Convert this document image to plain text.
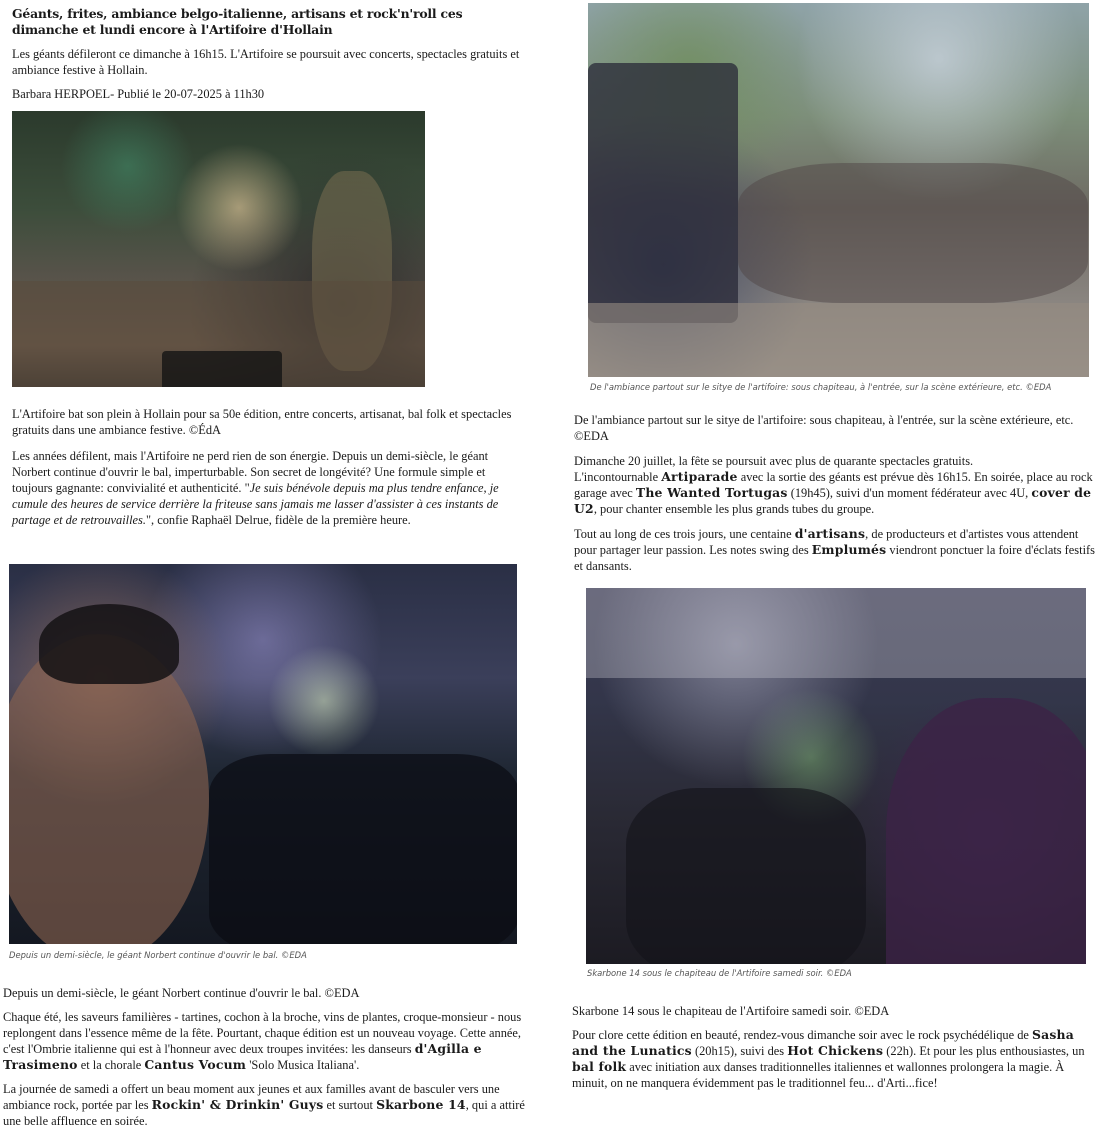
Géants, frites, ambiance belgo-italienne, artisans et rock'n'roll ces dimanche et lundi encore à l'Artifoire d'Hollain

Les géants défileront ce dimanche à 16h15. L'Artifoire se poursuit avec concerts, spectacles gratuits et ambiance festive à Hollain.

Barbara HERPOEL- Publié le 20-07-2025 à 11h30

L'Artifoire bat son plein à Hollain pour sa 50e édition, entre concerts, artisanat, bal folk et spectacles gratuits dans une ambiance festive. ©ÉdA

Les années défilent, mais l'Artifoire ne perd rien de son énergie. Depuis un demi-siècle, le géant Norbert continue d'ouvrir le bal, imperturbable. Son secret de longévité? Une formule simple et toujours gagnante: convivialité et authenticité. "Je suis bénévole depuis ma plus tendre enfance, je cumule des heures de service derrière la friteuse sans jamais me lasser d'assister à ces instants de partage et de retrouvailles.", confie Raphaël Delrue, fidèle de la première heure.

Depuis un demi-siècle, le géant Norbert continue d'ouvrir le bal. ©EDA

Depuis un demi-siècle, le géant Norbert continue d'ouvrir le bal. ©EDA

Chaque été, les saveurs familières - tartines, cochon à la broche, vins de plantes, croque-monsieur - nous replongent dans l'essence même de la fête. Pourtant, chaque édition est un nouveau voyage. Cette année, c'est l'Ombrie italienne qui est à l'honneur avec deux troupes invitées: les danseurs d'Agilla e Trasimeno et la chorale Cantus Vocum 'Solo Musica Italiana'.

La journée de samedi a offert un beau moment aux jeunes et aux familles avant de basculer vers une ambiance rock, portée par les Rockin' & Drinkin' Guys et surtout Skarbone 14, qui a attiré une belle affluence en soirée.

De l'ambiance partout sur le sitye de l'artifoire: sous chapiteau, à l'entrée, sur la scène extérieure, etc. ©EDA

De l'ambiance partout sur le sitye de l'artifoire: sous chapiteau, à l'entrée, sur la scène extérieure, etc. ©EDA

Dimanche 20 juillet, la fête se poursuit avec plus de quarante spectacles gratuits.
L'incontournable Artiparade avec la sortie des géants est prévue dès 16h15. En soirée, place au rock garage avec The Wanted Tortugas (19h45), suivi d'un moment fédérateur avec 4U, cover de U2, pour chanter ensemble les plus grands tubes du groupe.

Tout au long de ces trois jours, une centaine d'artisans, de producteurs et d'artistes vous attendent pour partager leur passion. Les notes swing des Emplumés viendront ponctuer la foire d'éclats festifs et dansants.

Skarbone 14 sous le chapiteau de l'Artifoire samedi soir. ©EDA

Skarbone 14 sous le chapiteau de l'Artifoire samedi soir. ©EDA

Pour clore cette édition en beauté, rendez-vous dimanche soir avec le rock psychédélique de Sasha and the Lunatics (20h15), suivi des Hot Chickens (22h). Et pour les plus enthousiastes, un bal folk avec initiation aux danses traditionnelles italiennes et wallonnes prolongera la magie. À minuit, on ne manquera évidemment pas le traditionnel feu... d'Arti...fice!
